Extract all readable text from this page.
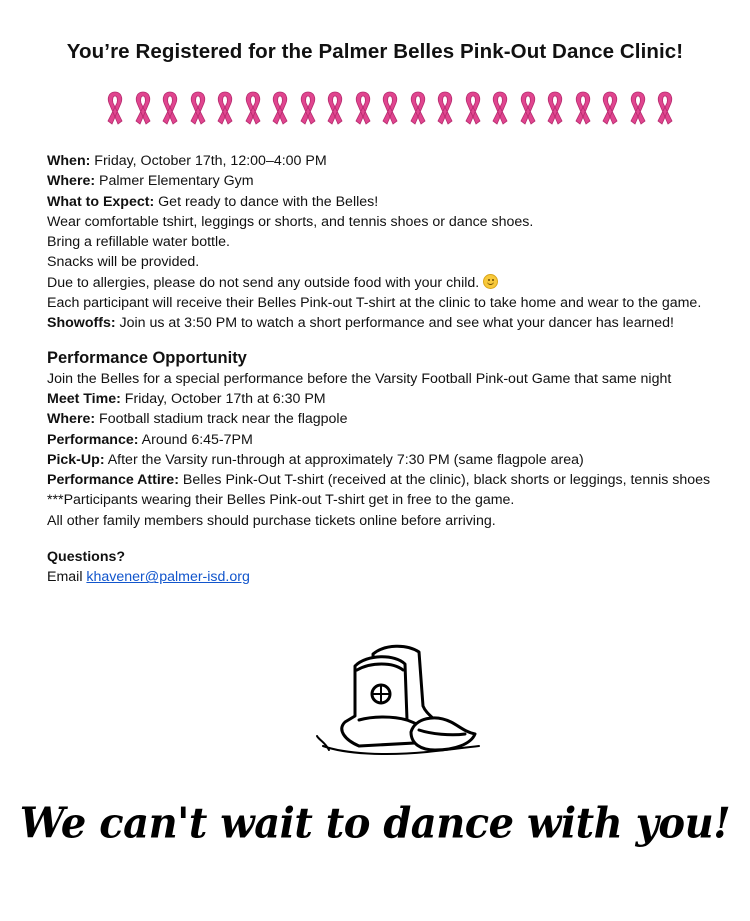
You’re Registered for the Palmer Belles Pink-Out Dance Clinic!
When: Friday, October 17th, 12:00–4:00 PM
Where: Palmer Elementary Gym
What to Expect: Get ready to dance with the Belles!
Wear comfortable tshirt, leggings or shorts, and tennis shoes or dance shoes.
Bring a refillable water bottle.
Snacks will be provided.
Due to allergies, please do not send any outside food with your child.
Each participant will receive their Belles Pink-out T-shirt at the clinic to take home and wear to the game.
Showoffs: Join us at 3:50 PM to watch a short performance and see what your dancer has learned!
Performance Opportunity
Join the Belles for a special performance before the Varsity Football Pink-out Game that same night
Meet Time: Friday, October 17th at 6:30 PM
Where: Football stadium track near the flagpole
Performance: Around 6:45-7PM
Pick-Up: After the Varsity run-through at approximately 7:30 PM (same flagpole area)
Performance Attire: Belles Pink-Out T-shirt (received at the clinic), black shorts or leggings, tennis shoes ***Participants wearing their Belles Pink-out T-shirt get in free to the game.
All other family members should purchase tickets online before arriving.
Questions?
Email khavener@palmer-isd.org
We can't wait to dance with you!
